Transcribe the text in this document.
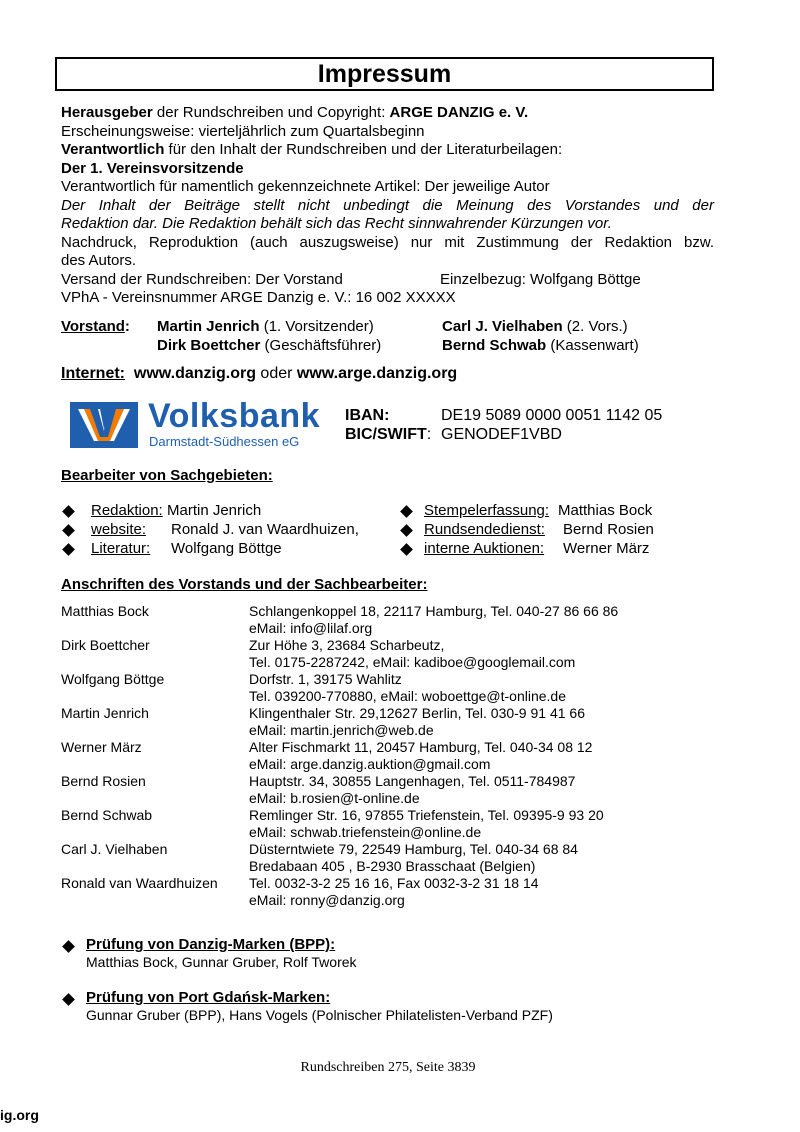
Impressum
Herausgeber der Rundschreiben und Copyright: ARGE DANZIG e. V.
Erscheinungsweise: vierteljährlich zum Quartalsbeginn
Verantwortlich für den Inhalt der Rundschreiben und der Literaturbeilagen:
Der 1. Vereinsvorsitzende
Verantwortlich für namentlich gekennzeichnete Artikel: Der jeweilige Autor
Der Inhalt der Beiträge stellt nicht unbedingt die Meinung des Vorstandes und der
Redaktion dar. Die Redaktion behält sich das Recht sinnwahrender Kürzungen vor.
Nachdruck, Reproduktion (auch auszugsweise) nur mit Zustimmung der Redaktion bzw.
des Autors.
Versand der Rundschreiben: Der Vorstand	Einzelbezug: Wolfgang Böttge
VPhA - Vereinsnummer ARGE Danzig e. V.: 16 002 XXXXX
Vorstand: Martin Jenrich (1. Vorsitzender)	Carl J. Vielhaben (2. Vors.)
Dirk Boettcher (Geschäftsführer)	Bernd Schwab (Kassenwart)
Internet: www.danzig.org oder www.arge.danzig.org
Volksbank
Darmstadt-Südhessen eG
IBAN:	DE19 5089 0000 0051 1142 05
BIC/SWIFT: GENODEF1VBD
Bearbeiter von Sachgebieten:
Redaktion: Martin Jenrich
website: Ronald J. van Waardhuizen,
Literatur: Wolfgang Böttge
Stempelerfassung: Matthias Bock
Rundsendedienst: Bernd Rosien
interne Auktionen: Werner März
Anschriften des Vorstands und der Sachbearbeiter:
Matthias Bock	Schlangenkoppel 18, 22117 Hamburg, Tel. 040-27 86 66 86
eMail: info@lilaf.org
Dirk Boettcher	Zur Höhe 3, 23684 Scharbeutz,
Tel. 0175-2287242, eMail: kadiboe@googlemail.com
Wolfgang Böttge	Dorfstr. 1, 39175 Wahlitz
Tel. 039200-770880, eMail: woboettge@t-online.de
Martin Jenrich	Klingenthaler Str. 29,12627 Berlin, Tel. 030-9 91 41 66
eMail: martin.jenrich@web.de
Werner März	Alter Fischmarkt 11, 20457 Hamburg, Tel. 040-34 08 12
eMail: arge.danzig.auktion@gmail.com
Bernd Rosien	Hauptstr. 34, 30855 Langenhagen, Tel. 0511-784987
eMail: b.rosien@t-online.de
Bernd Schwab	Remlinger Str. 16, 97855 Triefenstein, Tel. 09395-9 93 20
eMail: schwab.triefenstein@online.de
Carl J. Vielhaben	Düsterntwiete 79, 22549 Hamburg, Tel. 040-34 68 84
Bredabaan 405 , B-2930 Brasschaat (Belgien)
Ronald van Waardhuizen Tel. 0032-3-2 25 16 16, Fax 0032-3-2 31 18 14
eMail: ronny@danzig.org
Prüfung von Danzig-Marken (BPP):
Matthias Bock, Gunnar Gruber, Rolf Tworek
Prüfung von Port Gdańsk-Marken:
Gunnar Gruber (BPP), Hans Vogels (Polnischer Philatelisten-Verband PZF)
Rundschreiben 275, Seite 3839
ig.org
